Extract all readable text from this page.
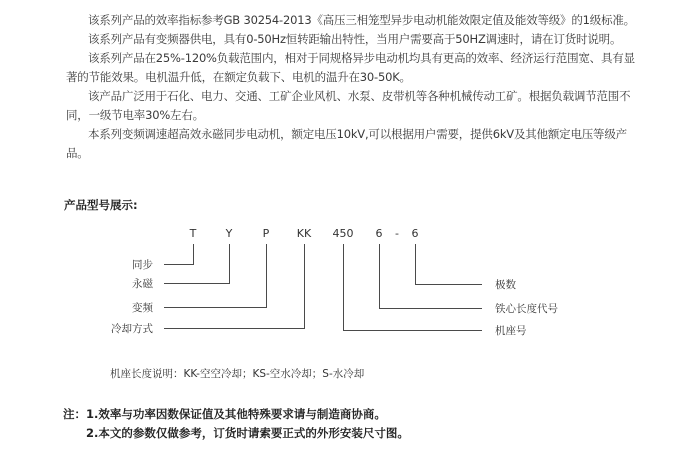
该系列产品的效率指标参考GB 30254-2013《高压三相笼型异步电动机能效限定值及能效等级》的1级标准。
该系列产品有变频器供电，具有0-50Hz恒转距输出特性，当用户需要高于50HZ调速时，请在订货时说明。
该系列产品在25%-120%负载范围内，相对于同规格异步电动机均具有更高的效率、经济运行范围宽、具有显
著的节能效果。电机温升低，在额定负载下、电机的温升在30-50K。
该产品广泛用于石化、电力、交通、工矿企业风机、水泵、皮带机等各种机械传动工矿。根据负载调节范围不
同，一级节电率30%左右。
本系列变频调速超高效永磁同步电动机，额定电压10kV,可以根据用户需要，提供6kV及其他额定电压等级产
品。
产品型号展示:
T	Y	P KK 450 6 - 6
同步
永磁
变频
冷却方式
极数
铁心长度代号
机座号
机座长度说明：KK-空空冷却；KS-空水冷却；S-水冷却
注： 1.效率与功率因数保证值及其他特殊要求请与制造商协商。
2.本文的参数仅做参考，订货时请索要正式的外形安装尺寸图。
